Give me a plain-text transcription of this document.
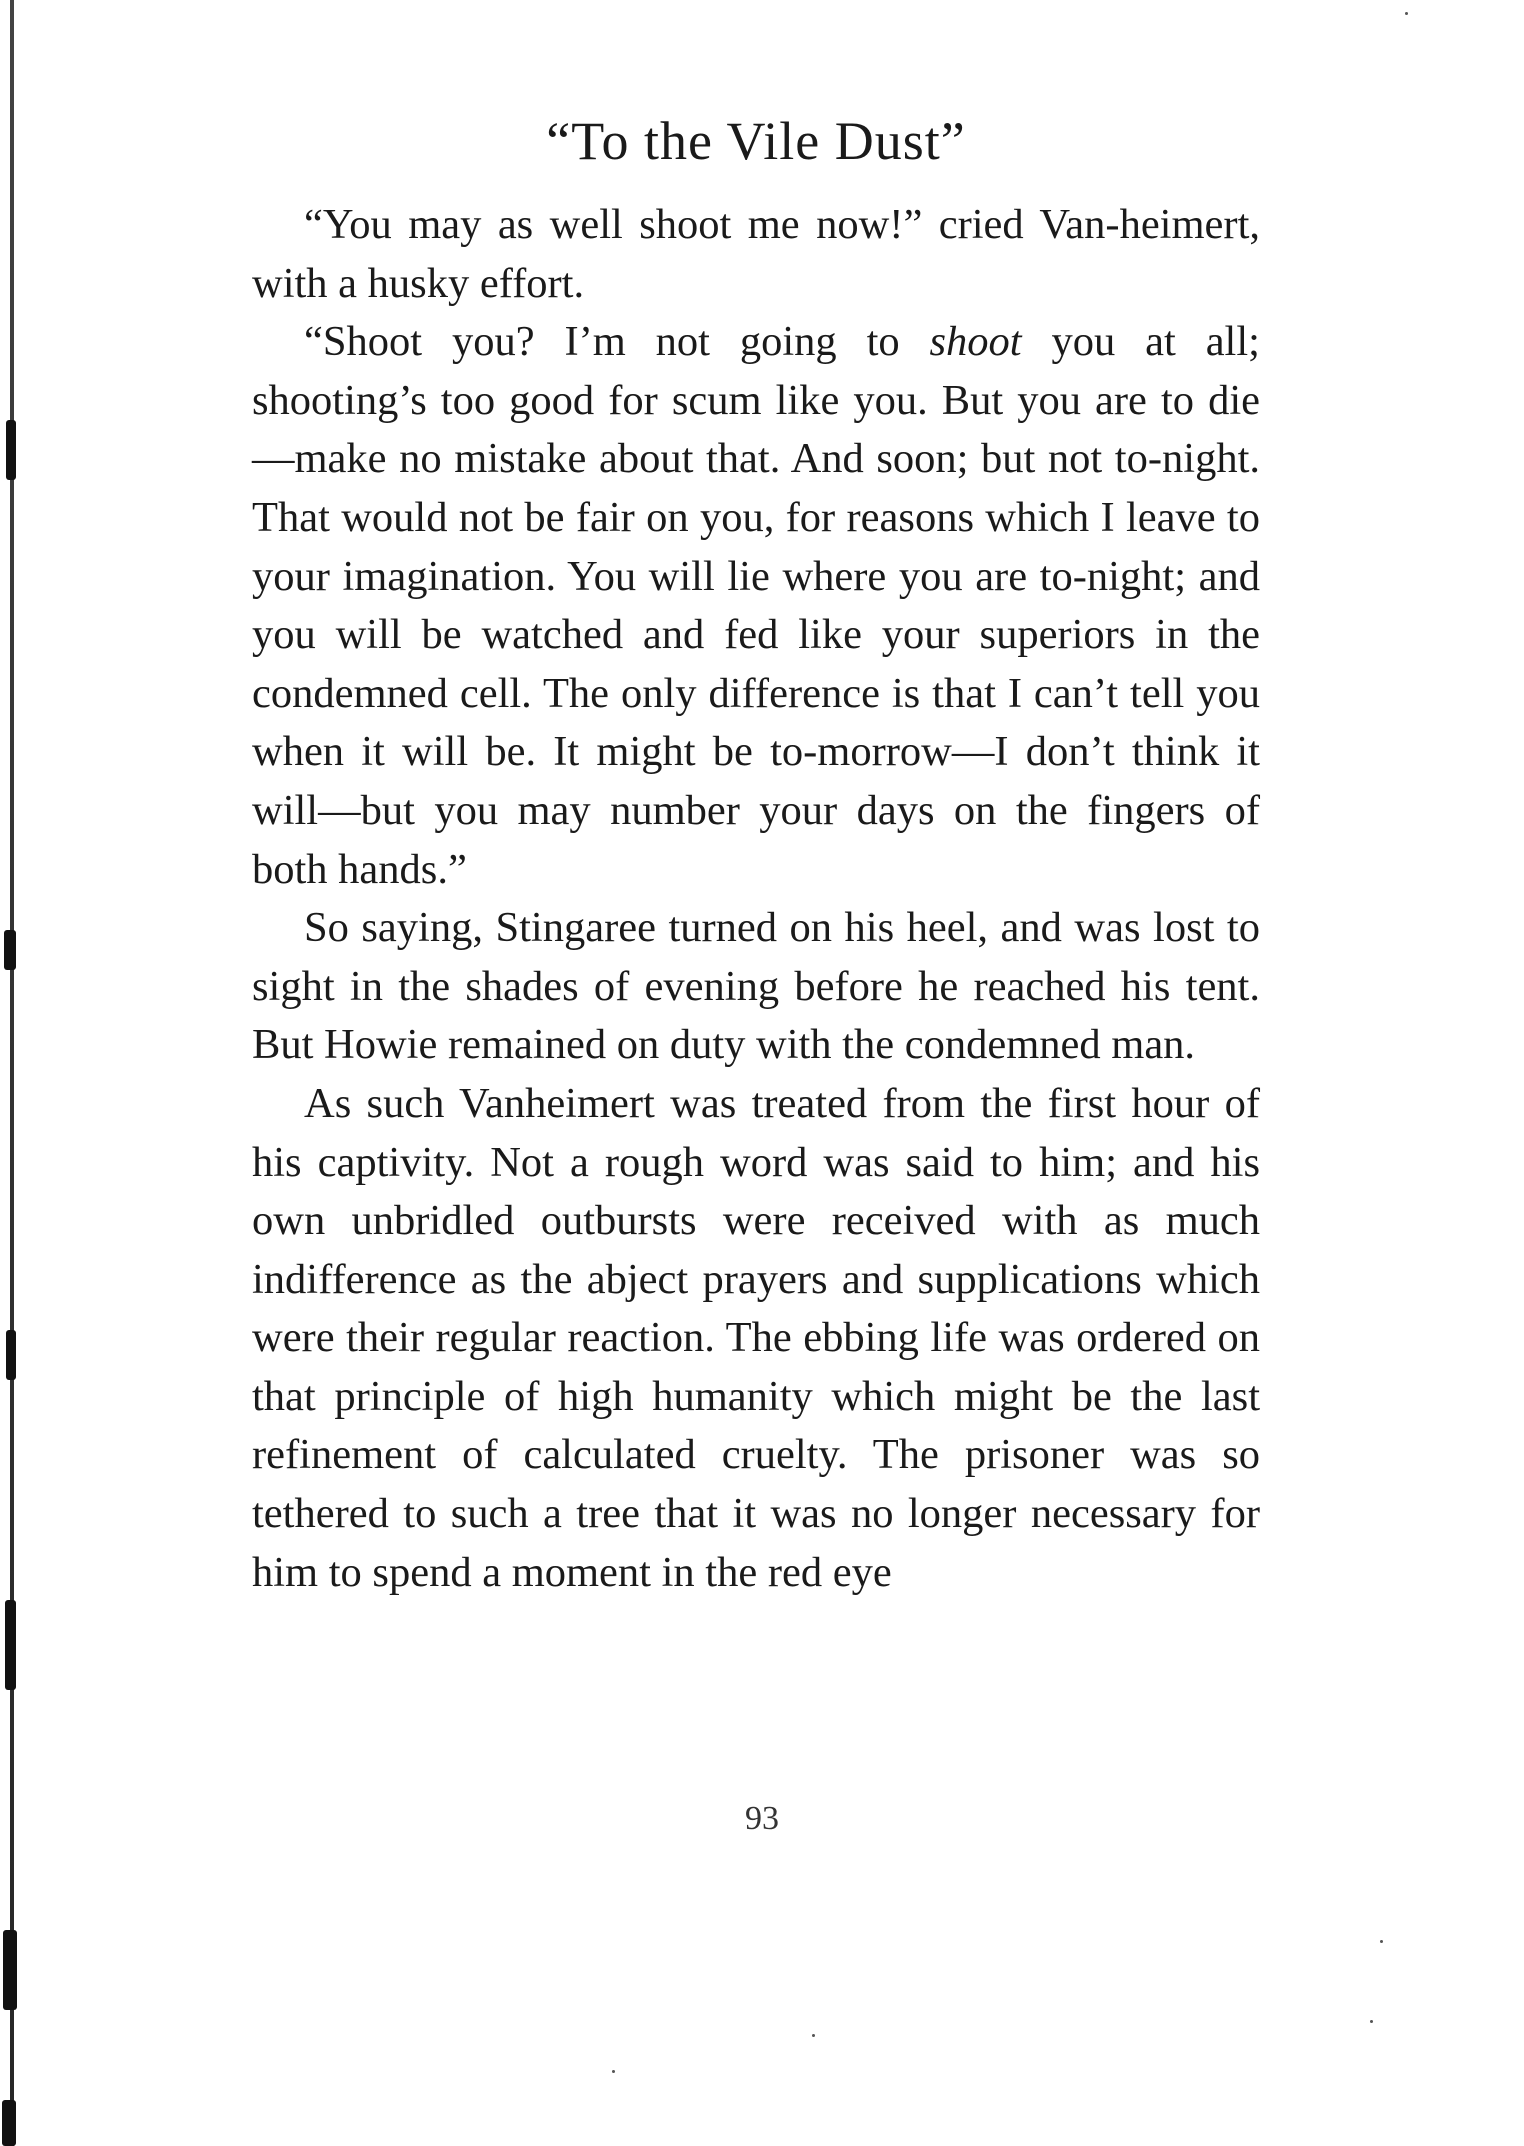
“To the Vile Dust”

“You may as well shoot me now!” cried Van-heimert, with a husky effort.

“Shoot you? I’m not going to shoot you at all; shooting’s too good for scum like you. But you are to die—make no mistake about that. And soon; but not to-night. That would not be fair on you, for reasons which I leave to your imagination. You will lie where you are to-night; and you will be watched and fed like your superiors in the condemned cell. The only difference is that I can’t tell you when it will be. It might be to-morrow—I don’t think it will—but you may number your days on the fingers of both hands.”

So saying, Stingaree turned on his heel, and was lost to sight in the shades of evening before he reached his tent. But Howie remained on duty with the condemned man.

As such Vanheimert was treated from the first hour of his captivity. Not a rough word was said to him; and his own unbridled outbursts were received with as much indifference as the abject prayers and supplications which were their regular reaction. The ebbing life was ordered on that principle of high humanity which might be the last refinement of calculated cruelty. The prisoner was so tethered to such a tree that it was no longer necessary for him to spend a moment in the red eye

93
